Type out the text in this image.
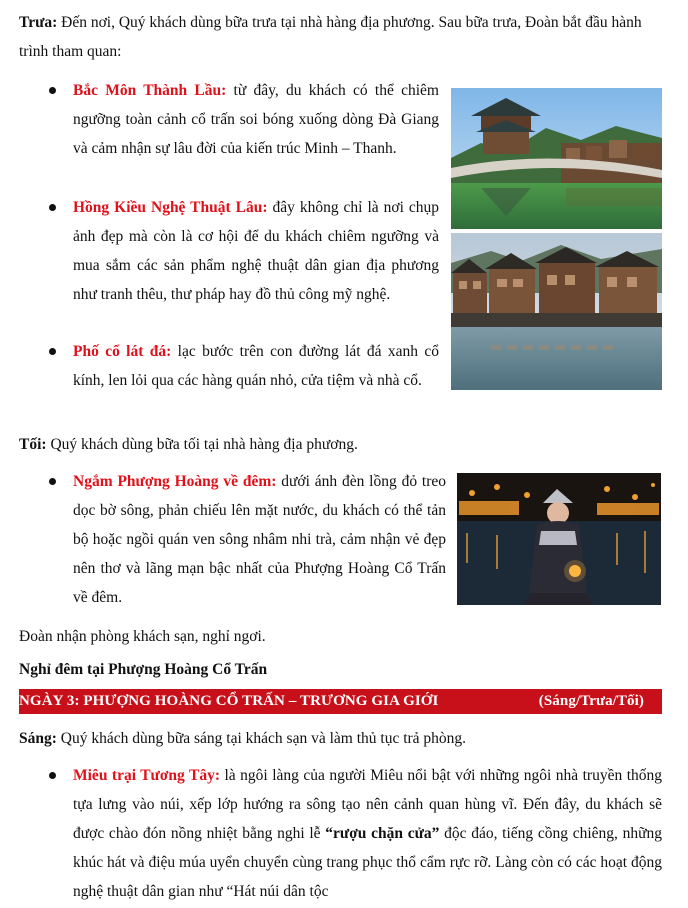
Trưa: Đến nơi, Quý khách dùng bữa trưa tại nhà hàng địa phương. Sau bữa trưa, Đoàn bắt đầu hành trình tham quan:

Bắc Môn Thành Lầu: từ đây, du khách có thể chiêm ngưỡng toàn cảnh cổ trấn soi bóng xuống dòng Đà Giang và cảm nhận sự lâu đời của kiến trúc Minh – Thanh.
Hồng Kiều Nghệ Thuật Lâu: đây không chỉ là nơi chụp ảnh đẹp mà còn là cơ hội để du khách chiêm ngưỡng và mua sắm các sản phẩm nghệ thuật dân gian địa phương như tranh thêu, thư pháp hay đồ thủ công mỹ nghệ.
Phố cổ lát đá: lạc bước trên con đường lát đá xanh cổ kính, len lỏi qua các hàng quán nhỏ, cửa tiệm và nhà cổ.

Tối: Quý khách dùng bữa tối tại nhà hàng địa phương.

Ngắm Phượng Hoàng về đêm: dưới ánh đèn lồng đỏ treo dọc bờ sông, phản chiếu lên mặt nước, du khách có thể tản bộ hoặc ngồi quán ven sông nhâm nhi trà, cảm nhận vẻ đẹp nên thơ và lãng mạn bậc nhất của Phượng Hoàng Cổ Trấn về đêm.

Đoàn nhận phòng khách sạn, nghỉ ngơi.

Nghỉ đêm tại Phượng Hoàng Cổ Trấn

NGÀY 3: PHƯỢNG HOÀNG CỔ TRẤN – TRƯƠNG GIA GIỚI	(Sáng/Trưa/Tối)

Sáng: Quý khách dùng bữa sáng tại khách sạn và làm thủ tục trả phòng.

Miêu trại Tương Tây: là ngôi làng của người Miêu nổi bật với những ngôi nhà truyền thống tựa lưng vào núi, xếp lớp hướng ra sông tạo nên cảnh quan hùng vĩ. Đến đây, du khách sẽ được chào đón nồng nhiệt bằng nghi lễ “rượu chặn cửa” độc đáo, tiếng cồng chiêng, những khúc hát và điệu múa uyển chuyển cùng trang phục thổ cẩm rực rỡ. Làng còn có các hoạt động nghệ thuật dân gian như “Hát núi dân tộc
